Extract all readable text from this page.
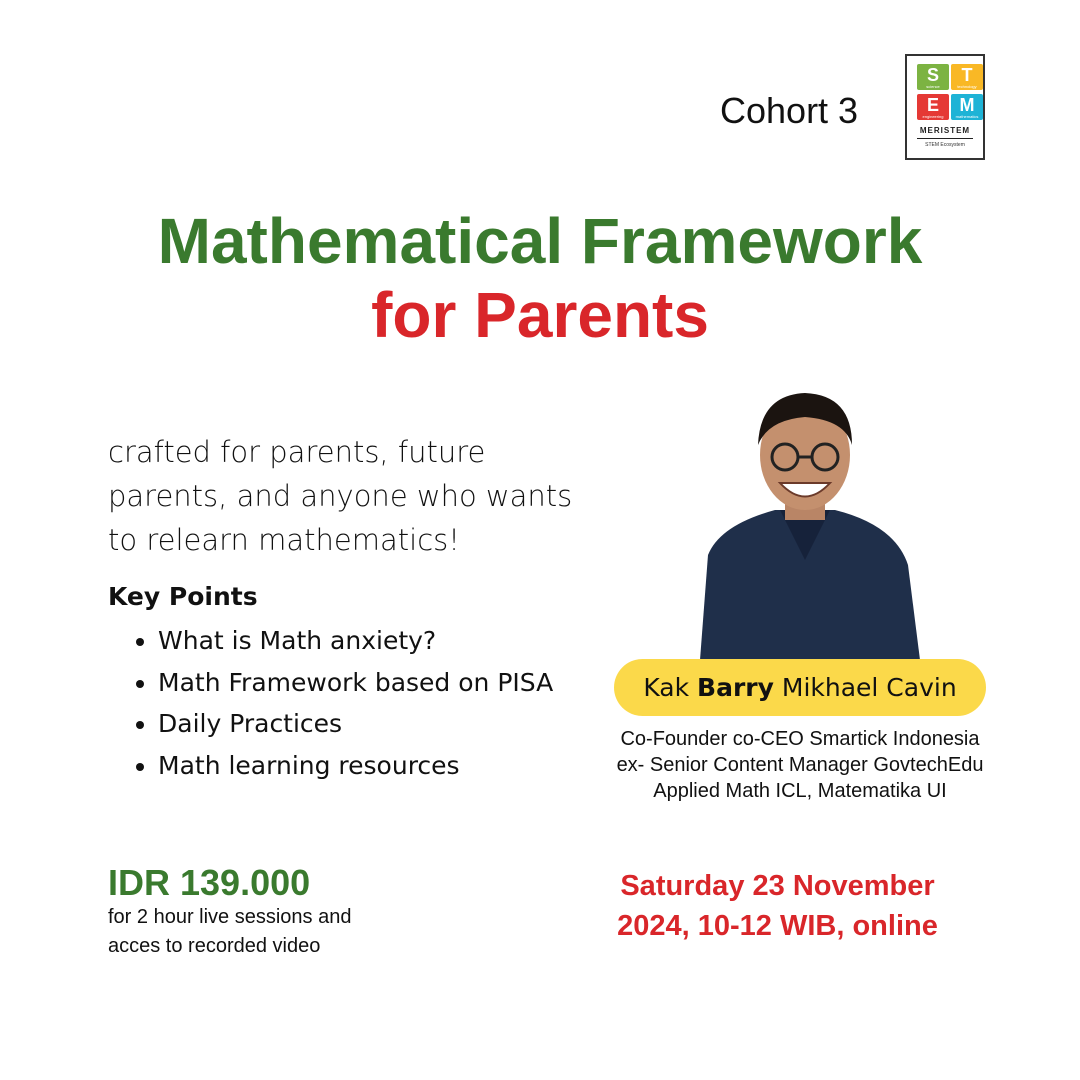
Cohort 3
S
science
T
technology
E
engineering
M
mathematics
MERISTEM
STEM Ecosystem
Mathematical Framework
for Parents
crafted for parents, future parents, and anyone who wants to relearn mathematics!
Key Points
• What is Math anxiety?
• Math Framework based on PISA
• Daily Practices
• Math learning resources
Kak Barry Mikhael Cavin
Co-Founder co-CEO Smartick Indonesia
ex- Senior Content Manager GovtechEdu
Applied Math ICL, Matematika UI
IDR 139.000
for 2 hour live sessions and
acces to recorded video
Saturday 23 November
2024, 10-12 WIB, online
